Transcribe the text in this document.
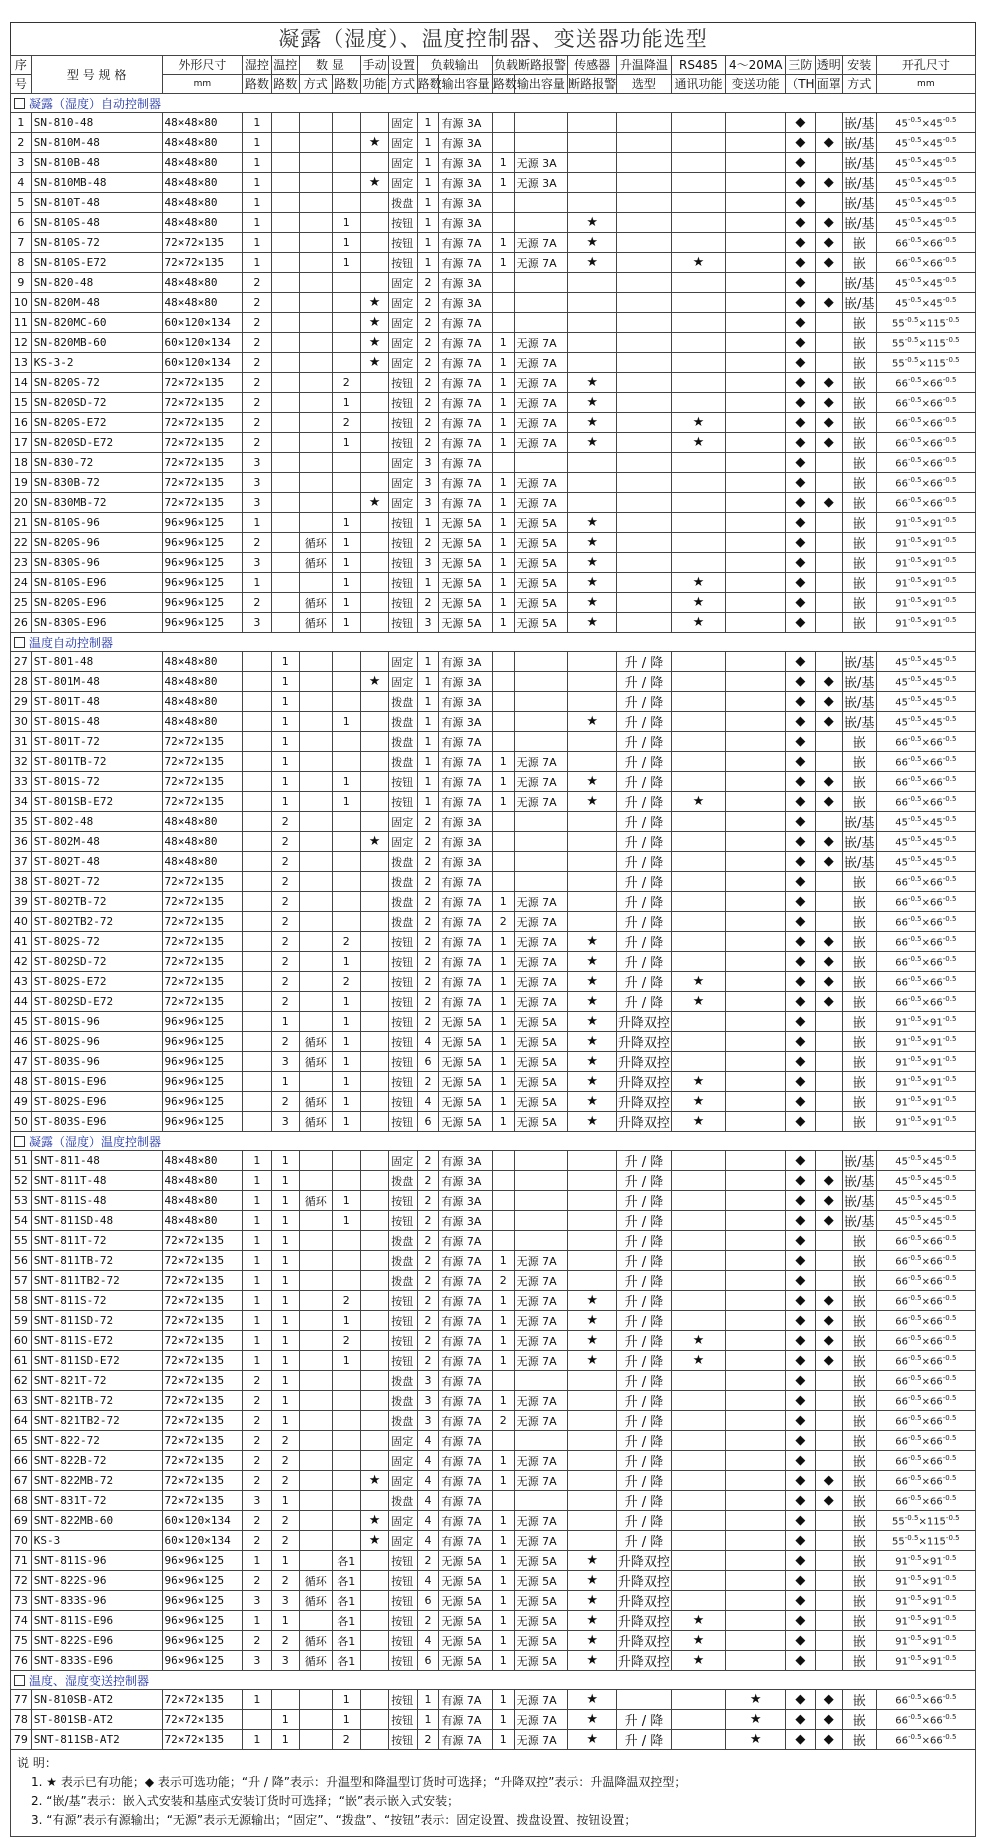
凝露（湿度）、温度控制器、变送器功能选型
序	型 号 规 格	外形尺寸	湿控	温控	数 显		手动	设置	负载输出		负载断路报警		传感器	升温降温	RS485	4～20MA	三防	透明	安装	开孔尺寸
号		mm	路数	路数	方式	路数	功能	方式	路数	输出容量	路数	输出容量	断路报警	选型	通讯功能	变送功能	（TH	面罩	方式	mm
凝露（湿度）自动控制器																				
1	SN-810-48	48×48×80	1					固定	1	有源 3A							◆		嵌/基	$45^{-0.5}\times 45^{-0.5}$
2	SN-810M-48	48×48×80	1				★	固定	1	有源 3A							◆	◆	嵌/基	$45^{-0.5}\times 45^{-0.5}$
3	SN-810B-48	48×48×80	1					固定	1	有源 3A	1	无源 3A					◆		嵌/基	$45^{-0.5}\times 45^{-0.5}$
4	SN-810MB-48	48×48×80	1				★	固定	1	有源 3A	1	无源 3A					◆	◆	嵌/基	$45^{-0.5}\times 45^{-0.5}$
5	SN-810T-48	48×48×80	1					拨盘	1	有源 3A							◆		嵌/基	$45^{-0.5}\times 45^{-0.5}$
6	SN-810S-48	48×48×80	1			1		按钮	1	有源 3A			★				◆	◆	嵌/基	$45^{-0.5}\times 45^{-0.5}$
7	SN-810S-72	72×72×135	1			1		按钮	1	有源 7A	1	无源 7A	★				◆	◆	嵌	$66^{-0.5}\times 66^{-0.5}$
8	SN-810S-E72	72×72×135	1			1		按钮	1	有源 7A	1	无源 7A	★		★		◆	◆	嵌	$66^{-0.5}\times 66^{-0.5}$
9	SN-820-48	48×48×80	2					固定	2	有源 3A							◆		嵌/基	$45^{-0.5}\times 45^{-0.5}$
10	SN-820M-48	48×48×80	2				★	固定	2	有源 3A							◆	◆	嵌/基	$45^{-0.5}\times 45^{-0.5}$
11	SN-820MC-60	60×120×134	2				★	固定	2	有源 7A							◆		嵌	$55^{-0.5}\times 115^{-0.5}$
12	SN-820MB-60	60×120×134	2				★	固定	2	有源 7A	1	无源 7A					◆		嵌	$55^{-0.5}\times 115^{-0.5}$
13	KS-3-2	60×120×134	2				★	固定	2	有源 7A	1	无源 7A					◆		嵌	$55^{-0.5}\times 115^{-0.5}$
14	SN-820S-72	72×72×135	2			2		按钮	2	有源 7A	1	无源 7A	★				◆	◆	嵌	$66^{-0.5}\times 66^{-0.5}$
15	SN-820SD-72	72×72×135	2			1		按钮	2	有源 7A	1	无源 7A	★				◆	◆	嵌	$66^{-0.5}\times 66^{-0.5}$
16	SN-820S-E72	72×72×135	2			2		按钮	2	有源 7A	1	无源 7A	★		★		◆	◆	嵌	$66^{-0.5}\times 66^{-0.5}$
17	SN-820SD-E72	72×72×135	2			1		按钮	2	有源 7A	1	无源 7A	★		★		◆	◆	嵌	$66^{-0.5}\times 66^{-0.5}$
18	SN-830-72	72×72×135	3					固定	3	有源 7A							◆		嵌	$66^{-0.5}\times 66^{-0.5}$
19	SN-830B-72	72×72×135	3					固定	3	有源 7A	1	无源 7A					◆		嵌	$66^{-0.5}\times 66^{-0.5}$
20	SN-830MB-72	72×72×135	3				★	固定	3	有源 7A	1	无源 7A					◆	◆	嵌	$66^{-0.5}\times 66^{-0.5}$
21	SN-810S-96	96×96×125	1			1		按钮	1	无源 5A	1	无源 5A	★				◆		嵌	$91^{-0.5}\times 91^{-0.5}$
22	SN-820S-96	96×96×125	2		循环	1		按钮	2	无源 5A	1	无源 5A	★				◆		嵌	$91^{-0.5}\times 91^{-0.5}$
23	SN-830S-96	96×96×125	3		循环	1		按钮	3	无源 5A	1	无源 5A	★				◆		嵌	$91^{-0.5}\times 91^{-0.5}$
24	SN-810S-E96	96×96×125	1			1		按钮	1	无源 5A	1	无源 5A	★		★		◆		嵌	$91^{-0.5}\times 91^{-0.5}$
25	SN-820S-E96	96×96×125	2		循环	1		按钮	2	无源 5A	1	无源 5A	★		★		◆		嵌	$91^{-0.5}\times 91^{-0.5}$
26	SN-830S-E96	96×96×125	3		循环	1		按钮	3	无源 5A	1	无源 5A	★		★		◆		嵌	$91^{-0.5}\times 91^{-0.5}$
温度自动控制器																				
27	ST-801-48	48×48×80		1				固定	1	有源 3A				升 / 降			◆		嵌/基	$45^{-0.5}\times 45^{-0.5}$
28	ST-801M-48	48×48×80		1			★	固定	1	有源 3A				升 / 降			◆	◆	嵌/基	$45^{-0.5}\times 45^{-0.5}$
29	ST-801T-48	48×48×80		1				拨盘	1	有源 3A				升 / 降			◆	◆	嵌/基	$45^{-0.5}\times 45^{-0.5}$
30	ST-801S-48	48×48×80		1		1		拨盘	1	有源 3A			★	升 / 降			◆	◆	嵌/基	$45^{-0.5}\times 45^{-0.5}$
31	ST-801T-72	72×72×135		1				拨盘	1	有源 7A				升 / 降			◆		嵌	$66^{-0.5}\times 66^{-0.5}$
32	ST-801TB-72	72×72×135		1				拨盘	1	有源 7A	1	无源 7A		升 / 降			◆		嵌	$66^{-0.5}\times 66^{-0.5}$
33	ST-801S-72	72×72×135		1		1		按钮	1	有源 7A	1	无源 7A	★	升 / 降			◆	◆	嵌	$66^{-0.5}\times 66^{-0.5}$
34	ST-801SB-E72	72×72×135		1		1		按钮	1	有源 7A	1	无源 7A	★	升 / 降	★		◆	◆	嵌	$66^{-0.5}\times 66^{-0.5}$
35	ST-802-48	48×48×80		2				固定	2	有源 3A				升 / 降			◆		嵌/基	$45^{-0.5}\times 45^{-0.5}$
36	ST-802M-48	48×48×80		2			★	固定	2	有源 3A				升 / 降			◆	◆	嵌/基	$45^{-0.5}\times 45^{-0.5}$
37	ST-802T-48	48×48×80		2				拨盘	2	有源 3A				升 / 降			◆	◆	嵌/基	$45^{-0.5}\times 45^{-0.5}$
38	ST-802T-72	72×72×135		2				拨盘	2	有源 7A				升 / 降			◆		嵌	$66^{-0.5}\times 66^{-0.5}$
39	ST-802TB-72	72×72×135		2				拨盘	2	有源 7A	1	无源 7A		升 / 降			◆		嵌	$66^{-0.5}\times 66^{-0.5}$
40	ST-802TB2-72	72×72×135		2				拨盘	2	有源 7A	2	无源 7A		升 / 降			◆		嵌	$66^{-0.5}\times 66^{-0.5}$
41	ST-802S-72	72×72×135		2		2		按钮	2	有源 7A	1	无源 7A	★	升 / 降			◆	◆	嵌	$66^{-0.5}\times 66^{-0.5}$
42	ST-802SD-72	72×72×135		2		1		按钮	2	有源 7A	1	无源 7A	★	升 / 降			◆	◆	嵌	$66^{-0.5}\times 66^{-0.5}$
43	ST-802S-E72	72×72×135		2		2		按钮	2	有源 7A	1	无源 7A	★	升 / 降	★		◆	◆	嵌	$66^{-0.5}\times 66^{-0.5}$
44	ST-802SD-E72	72×72×135		2		1		按钮	2	有源 7A	1	无源 7A	★	升 / 降	★		◆	◆	嵌	$66^{-0.5}\times 66^{-0.5}$
45	ST-801S-96	96×96×125		1		1		按钮	2	无源 5A	1	无源 5A	★	升降双控			◆		嵌	$91^{-0.5}\times 91^{-0.5}$
46	ST-802S-96	96×96×125		2	循环	1		按钮	4	无源 5A	1	无源 5A	★	升降双控			◆		嵌	$91^{-0.5}\times 91^{-0.5}$
47	ST-803S-96	96×96×125		3	循环	1		按钮	6	无源 5A	1	无源 5A	★	升降双控			◆		嵌	$91^{-0.5}\times 91^{-0.5}$
48	ST-801S-E96	96×96×125		1		1		按钮	2	无源 5A	1	无源 5A	★	升降双控	★		◆		嵌	$91^{-0.5}\times 91^{-0.5}$
49	ST-802S-E96	96×96×125		2	循环	1		按钮	4	无源 5A	1	无源 5A	★	升降双控	★		◆		嵌	$91^{-0.5}\times 91^{-0.5}$
50	ST-803S-E96	96×96×125		3	循环	1		按钮	6	无源 5A	1	无源 5A	★	升降双控	★		◆		嵌	$91^{-0.5}\times 91^{-0.5}$
凝露（湿度）温度控制器																				
51	SNT-811-48	48×48×80	1	1				固定	2	有源 3A				升 / 降			◆		嵌/基	$45^{-0.5}\times 45^{-0.5}$
52	SNT-811T-48	48×48×80	1	1				拨盘	2	有源 3A				升 / 降			◆	◆	嵌/基	$45^{-0.5}\times 45^{-0.5}$
53	SNT-811S-48	48×48×80	1	1	循环	1		按钮	2	有源 3A				升 / 降			◆	◆	嵌/基	$45^{-0.5}\times 45^{-0.5}$
54	SNT-811SD-48	48×48×80	1	1		1		按钮	2	有源 3A				升 / 降			◆	◆	嵌/基	$45^{-0.5}\times 45^{-0.5}$
55	SNT-811T-72	72×72×135	1	1				拨盘	2	有源 7A				升 / 降			◆		嵌	$66^{-0.5}\times 66^{-0.5}$
56	SNT-811TB-72	72×72×135	1	1				拨盘	2	有源 7A	1	无源 7A		升 / 降			◆		嵌	$66^{-0.5}\times 66^{-0.5}$
57	SNT-811TB2-72	72×72×135	1	1				拨盘	2	有源 7A	2	无源 7A		升 / 降			◆		嵌	$66^{-0.5}\times 66^{-0.5}$
58	SNT-811S-72	72×72×135	1	1		2		按钮	2	有源 7A	1	无源 7A	★	升 / 降			◆	◆	嵌	$66^{-0.5}\times 66^{-0.5}$
59	SNT-811SD-72	72×72×135	1	1		1		按钮	2	有源 7A	1	无源 7A	★	升 / 降			◆	◆	嵌	$66^{-0.5}\times 66^{-0.5}$
60	SNT-811S-E72	72×72×135	1	1		2		按钮	2	有源 7A	1	无源 7A	★	升 / 降	★		◆	◆	嵌	$66^{-0.5}\times 66^{-0.5}$
61	SNT-811SD-E72	72×72×135	1	1		1		按钮	2	有源 7A	1	无源 7A	★	升 / 降	★		◆	◆	嵌	$66^{-0.5}\times 66^{-0.5}$
62	SNT-821T-72	72×72×135	2	1				拨盘	3	有源 7A				升 / 降			◆		嵌	$66^{-0.5}\times 66^{-0.5}$
63	SNT-821TB-72	72×72×135	2	1				拨盘	3	有源 7A	1	无源 7A		升 / 降			◆		嵌	$66^{-0.5}\times 66^{-0.5}$
64	SNT-821TB2-72	72×72×135	2	1				拨盘	3	有源 7A	2	无源 7A		升 / 降			◆		嵌	$66^{-0.5}\times 66^{-0.5}$
65	SNT-822-72	72×72×135	2	2				固定	4	有源 7A				升 / 降			◆		嵌	$66^{-0.5}\times 66^{-0.5}$
66	SNT-822B-72	72×72×135	2	2				固定	4	有源 7A	1	无源 7A		升 / 降			◆		嵌	$66^{-0.5}\times 66^{-0.5}$
67	SNT-822MB-72	72×72×135	2	2			★	固定	4	有源 7A	1	无源 7A		升 / 降			◆	◆	嵌	$66^{-0.5}\times 66^{-0.5}$
68	SNT-831T-72	72×72×135	3	1				拨盘	4	有源 7A				升 / 降			◆	◆	嵌	$66^{-0.5}\times 66^{-0.5}$
69	SNT-822MB-60	60×120×134	2	2			★	固定	4	有源 7A	1	无源 7A		升 / 降			◆		嵌	$55^{-0.5}\times 115^{-0.5}$
70	KS-3	60×120×134	2	2			★	固定	4	有源 7A	1	无源 7A		升 / 降			◆		嵌	$55^{-0.5}\times 115^{-0.5}$
71	SNT-811S-96	96×96×125	1	1		各1		按钮	2	无源 5A	1	无源 5A	★	升降双控			◆		嵌	$91^{-0.5}\times 91^{-0.5}$
72	SNT-822S-96	96×96×125	2	2	循环	各1		按钮	4	无源 5A	1	无源 5A	★	升降双控			◆		嵌	$91^{-0.5}\times 91^{-0.5}$
73	SNT-833S-96	96×96×125	3	3	循环	各1		按钮	6	无源 5A	1	无源 5A	★	升降双控			◆		嵌	$91^{-0.5}\times 91^{-0.5}$
74	SNT-811S-E96	96×96×125	1	1		各1		按钮	2	无源 5A	1	无源 5A	★	升降双控	★		◆		嵌	$91^{-0.5}\times 91^{-0.5}$
75	SNT-822S-E96	96×96×125	2	2	循环	各1		按钮	4	无源 5A	1	无源 5A	★	升降双控	★		◆		嵌	$91^{-0.5}\times 91^{-0.5}$
76	SNT-833S-E96	96×96×125	3	3	循环	各1		按钮	6	无源 5A	1	无源 5A	★	升降双控	★		◆		嵌	$91^{-0.5}\times 91^{-0.5}$
温度、湿度变送控制器																				
77	SN-810SB-AT2	72×72×135	1			1		按钮	1	有源 7A	1	无源 7A	★			★	◆	◆	嵌	$66^{-0.5}\times 66^{-0.5}$
78	ST-801SB-AT2	72×72×135		1		1		按钮	1	有源 7A	1	无源 7A	★	升 / 降		★	◆	◆	嵌	$66^{-0.5}\times 66^{-0.5}$
79	SNT-811SB-AT2	72×72×135	1	1		2		按钮	2	有源 7A	1	无源 7A	★	升 / 降		★	◆	◆	嵌	$66^{-0.5}\times 66^{-0.5}$
说 明：
1. ★ 表示已有功能；◆ 表示可选功能；“升 / 降”表示：升温型和降温型订货时可选择；“升降双控”表示：升温降温双控型；
2. “嵌/基”表示：嵌入式安装和基座式安装订货时可选择；“嵌”表示嵌入式安装；
3. “有源”表示有源输出；“无源”表示无源输出；“固定”、“拨盘”、“按钮”表示：固定设置、拨盘设置、按钮设置；
